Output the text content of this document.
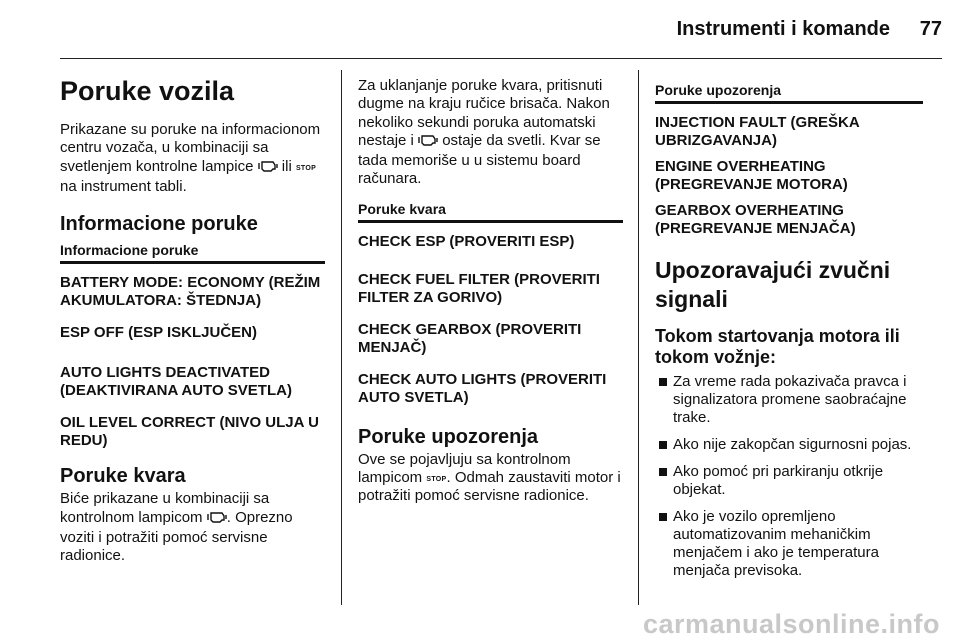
Instrumenti i komande 77
Poruke vozila

Prikazane su poruke na informacionom centru vozača, u kombinaciji sa svetlenjem kontrolne lampice ili STOP na instrument tabli.

Informacione poruke
Informacione poruke
BATTERY MODE: ECONOMY (REŽIM AKUMULATORA: ŠTEDNJA)
ESP OFF (ESP ISKLJUČEN)
AUTO LIGHTS DEACTIVATED (DEAKTIVIRANA AUTO SVETLA)
OIL LEVEL CORRECT (NIVO ULJA U REDU)
Poruke kvara

Biće prikazane u kombinaciji sa kontrolnom lampicom . Oprezno voziti i potražiti pomoć servisne radionice.

Za uklanjanje poruke kvara, pritisnuti dugme na kraju ručice brisača. Nakon nekoliko sekundi poruka automatski nestaje i ostaje da svetli. Kvar se tada memoriše u u sistemu board računara.

Poruke kvara
CHECK ESP (PROVERITI ESP)
CHECK FUEL FILTER (PROVERITI FILTER ZA GORIVO)
CHECK GEARBOX (PROVERITI MENJAČ)
CHECK AUTO LIGHTS (PROVERITI AUTO SVETLA)
Poruke upozorenja

Ove se pojavljuju sa kontrolnom lampicom STOP. Odmah zaustaviti motor i potražiti pomoć servisne radionice.

Poruke upozorenja
INJECTION FAULT (GREŠKA UBRIZGAVANJA)
ENGINE OVERHEATING (PREGREVANJE MOTORA)
GEARBOX OVERHEATING (PREGREVANJE MENJAČA)
Upozoravajući zvučni signali
Tokom startovanja motora ili tokom vožnje:
Za vreme rada pokazivača pravca i signalizatora promene saobraćajne trake.
Ako nije zakopčan sigurnosni pojas.
Ako pomoć pri parkiranju otkrije objekat.
Ako je vozilo opremljeno automatizovanim mehaničkim menjačem i ako je temperatura menjača previsoka.
carmanualsonline.info
